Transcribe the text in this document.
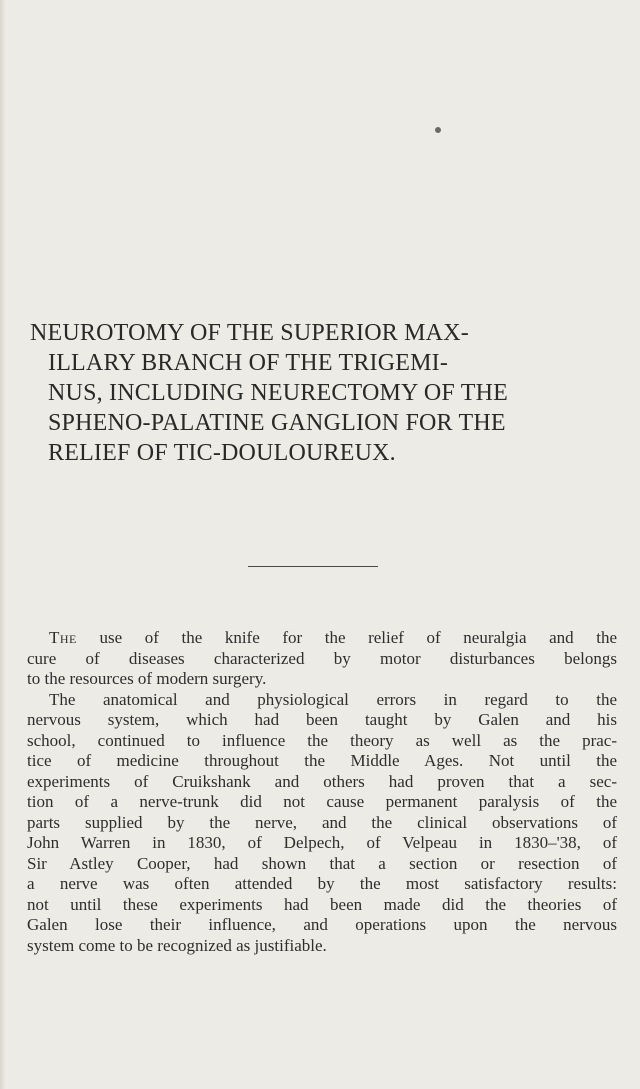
NEUROTOMY OF THE SUPERIOR MAX-
ILLARY BRANCH OF THE TRIGEMI-
NUS, INCLUDING NEURECTOMY OF THE
SPHENO-PALATINE GANGLION FOR THE
RELIEF OF TIC-DOULOUREUX.
The use of the knife for the relief of neuralgia and the
cure of diseases characterized by motor disturbances belongs
to the resources of modern surgery.
The anatomical and physiological errors in regard to the
nervous system, which had been taught by Galen and his
school, continued to influence the theory as well as the prac-
tice of medicine throughout the Middle Ages. Not until the
experiments of Cruikshank and others had proven that a sec-
tion of a nerve-trunk did not cause permanent paralysis of the
parts supplied by the nerve, and the clinical observations of
John Warren in 1830, of Delpech, of Velpeau in 1830–'38, of
Sir Astley Cooper, had shown that a section or resection of
a nerve was often attended by the most satisfactory results:
not until these experiments had been made did the theories of
Galen lose their influence, and operations upon the nervous
system come to be recognized as justifiable.
